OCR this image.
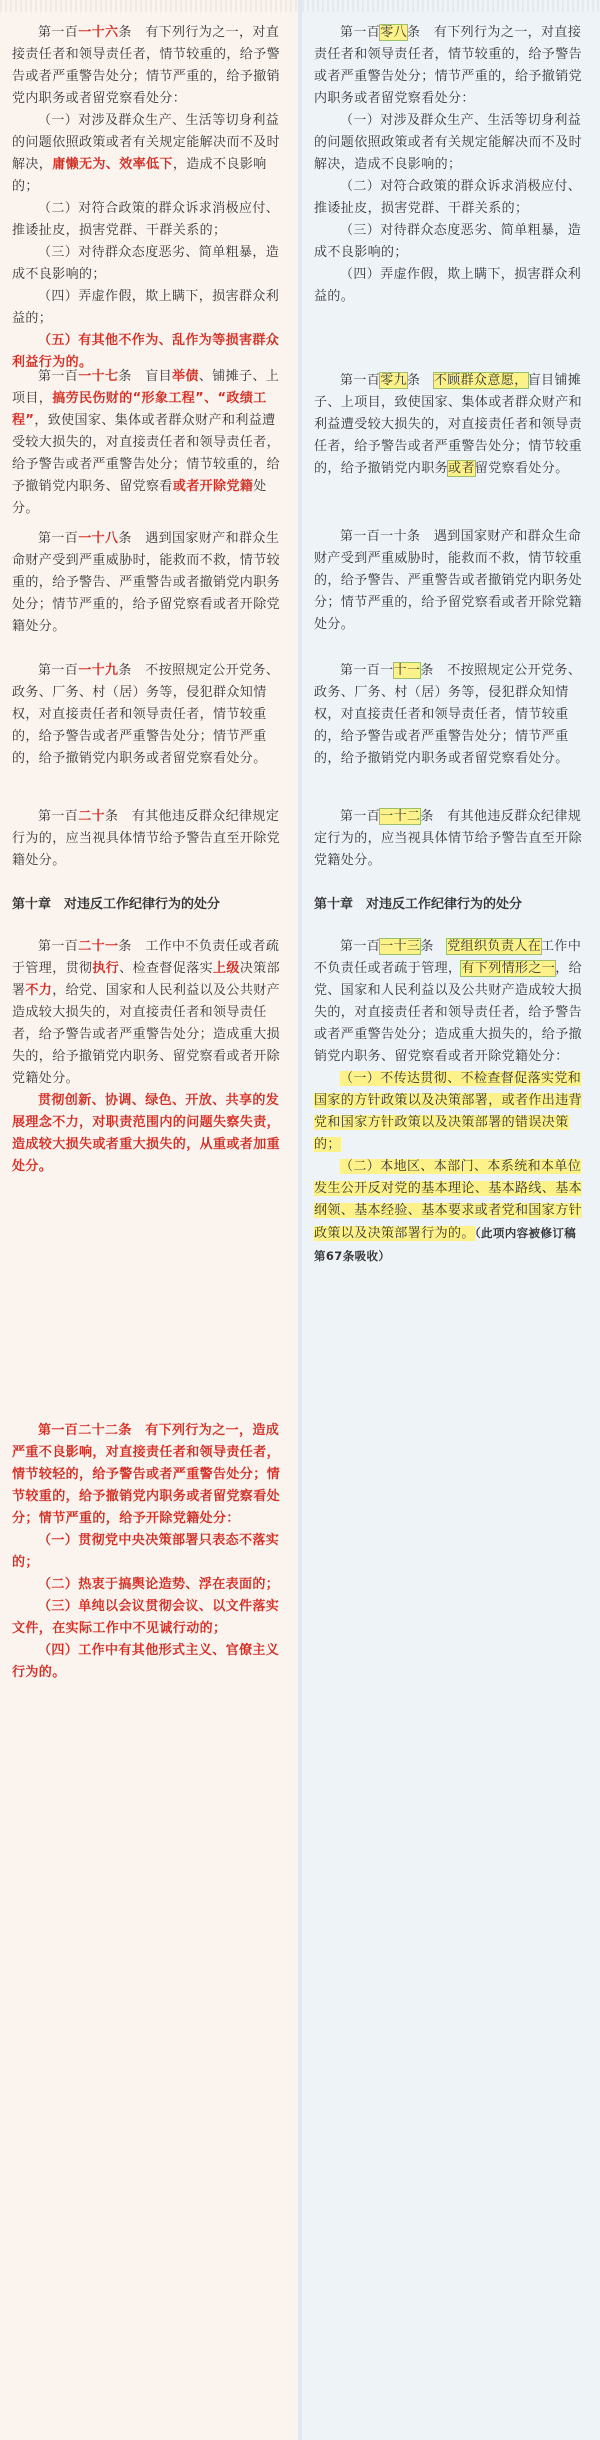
第一百一十六条　 有下列行为之一，对直接责任者和领导责任者，情节较重的，给予警告或者严重警告处分；情节严重的，给予撤销党内职务或者留党察看处分：

（一）对涉及群众生产、生活等切身利益的问题依照政策或者有关规定能解决而不及时解决，庸懒无为、效率低下，造成不良影响的；

（二）对符合政策的群众诉求消极应付、推诿扯皮，损害党群、干群关系的；

（三）对待群众态度恶劣、简单粗暴，造成不良影响的；

（四）弄虚作假，欺上瞒下，损害群众利益的；

（五）有其他不作为、乱作为等损害群众利益行为的。

第一百一十七条　 盲目举债、铺摊子、上项目，搞劳民伤财的“形象工程”、“政绩工程”，致使国家、集体或者群众财产和利益遭受较大损失的，对直接责任者和领导责任者，给予警告或者严重警告处分；情节较重的，给予撤销党内职务、留党察看或者开除党籍处分。

第一百一十八条　 遇到国家财产和群众生命财产受到严重威胁时，能救而不救，情节较重的，给予警告、严重警告或者撤销党内职务处分；情节严重的，给予留党察看或者开除党籍处分。

第一百一十九条　 不按照规定公开党务、政务、厂务、村（居）务等，侵犯群众知情权，对直接责任者和领导责任者，情节较重的，给予警告或者严重警告处分；情节严重的，给予撤销党内职务或者留党察看处分。

第一百二十条　 有其他违反群众纪律规定行为的，应当视具体情节给予警告直至开除党籍处分。

第十章　对违反工作纪律行为的处分

第一百二十一条　 工作中不负责任或者疏于管理，贯彻执行、检查督促落实上级决策部署不力，给党、国家和人民利益以及公共财产造成较大损失的，对直接责任者和领导责任者，给予警告或者严重警告处分；造成重大损失的，给予撤销党内职务、留党察看或者开除党籍处分。

贯彻创新、协调、绿色、开放、共享的发展理念不力，对职责范围内的问题失察失责，造成较大损失或者重大损失的，从重或者加重处分。

第一百二十二条　有下列行为之一，造成严重不良影响，对直接责任者和领导责任者，情节较轻的，给予警告或者严重警告处分；情节较重的，给予撤销党内职务或者留党察看处分；情节严重的，给予开除党籍处分：

（一）贯彻党中央决策部署只表态不落实的；

（二）热衷于搞舆论造势、浮在表面的；

（三）单纯以会议贯彻会议、以文件落实文件，在实际工作中不见诚行动的；

（四）工作中有其他形式主义、官僚主义行为的。

第一百零八条　 有下列行为之一，对直接责任者和领导责任者，情节较重的，给予警告或者严重警告处分；情节严重的，给予撤销党内职务或者留党察看处分：

（一）对涉及群众生产、生活等切身利益的问题依照政策或者有关规定能解决而不及时解决，造成不良影响的；

（二）对符合政策的群众诉求消极应付、推诿扯皮，损害党群、干群关系的；

（三）对待群众态度恶劣、简单粗暴，造成不良影响的；

（四）弄虚作假，欺上瞒下，损害群众利益的。

第一百零九条　 不顾群众意愿，盲目铺摊子、上项目，致使国家、集体或者群众财产和利益遭受较大损失的，对直接责任者和领导责任者，给予警告或者严重警告处分；情节较重的，给予撤销党内职务或者留党察看处分。

第一百一十条　 遇到国家财产和群众生命财产受到严重威胁时，能救而不救，情节较重的，给予警告、严重警告或者撤销党内职务处分；情节严重的，给予留党察看或者开除党籍处分。

第一百一十一条　 不按照规定公开党务、政务、厂务、村（居）务等，侵犯群众知情权，对直接责任者和领导责任者，情节较重的，给予警告或者严重警告处分；情节严重的，给予撤销党内职务或者留党察看处分。

第一百一十二条　 有其他违反群众纪律规定行为的，应当视具体情节给予警告直至开除党籍处分。

第十章　对违反工作纪律行为的处分

第一百一十三条　 党组织负责人在工作中不负责任或者疏于管理，有下列情形之一，给党、国家和人民利益以及公共财产造成较大损失的，对直接责任者和领导责任者，给予警告或者严重警告处分；造成重大损失的，给予撤销党内职务、留党察看或者开除党籍处分：

（一）不传达贯彻、不检查督促落实党和国家的方针政策以及决策部署，或者作出违背党和国家方针政策以及决策部署的错误决策的；

（二）本地区、本部门、本系统和本单位发生公开反对党的基本理论、基本路线、基本纲领、基本经验、基本要求或者党和国家方针政策以及决策部署行为的。（此项内容被修订稿第67条吸收）
